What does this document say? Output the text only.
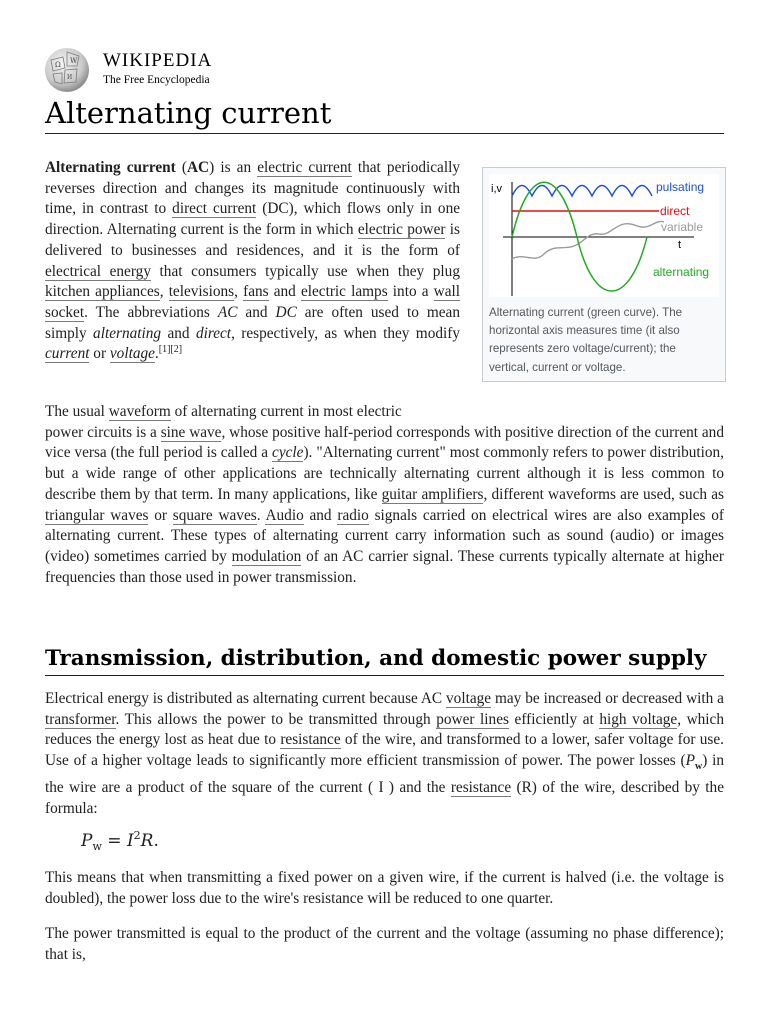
Ω W
И
WIKIPEDIA
The Free Encyclopedia
Alternating current

Alternating current (AC) is an electric current that periodically reverses direction and changes its magnitude continuously with time, in contrast to direct current (DC), which flows only in one direction. Alternating current is the form in which electric power is delivered to businesses and residences, and it is the form of electrical energy that consumers typically use when they plug kitchen appliances, televisions, fans and electric lamps into a wall socket. The abbreviations AC and DC are often used to mean simply alternating and direct, respectively, as when they modify current or voltage.[1][2]

i,v
t
direct
pulsating
variable
alternating
Alternating current (green curve). The horizontal axis measures time (it also represents zero voltage/current); the vertical, current or voltage.

The usual waveform of alternating current in most electric
power circuits is a sine wave, whose positive half-period corresponds with positive direction of the current and vice versa (the full period is called a cycle). "Alternating current" most commonly refers to power distribution, but a wide range of other applications are technically alternating current although it is less common to describe them by that term. In many applications, like guitar amplifiers, different waveforms are used, such as triangular waves or square waves. Audio and radio signals carried on electrical wires are also examples of alternating current. These types of alternating current carry information such as sound (audio) or images (video) sometimes carried by modulation of an AC carrier signal. These currents typically alternate at higher frequencies than those used in power transmission.

Transmission, distribution, and domestic power supply

Electrical energy is distributed as alternating current because AC voltage may be increased or decreased with a transformer. This allows the power to be transmitted through power lines efficiently at high voltage, which reduces the energy lost as heat due to resistance of the wire, and transformed to a lower, safer voltage for use. Use of a higher voltage leads to significantly more efficient transmission of power. The power losses $(P_w)$ in the wire are a product of the square of the current ( I ) and the resistance (R) of the wire, described by the formula:

$P_w = I^2R$.

This means that when transmitting a fixed power on a given wire, if the current is halved (i.e. the voltage is doubled), the power loss due to the wire's resistance will be reduced to one quarter.

The power transmitted is equal to the product of the current and the voltage (assuming no phase difference); that is,
